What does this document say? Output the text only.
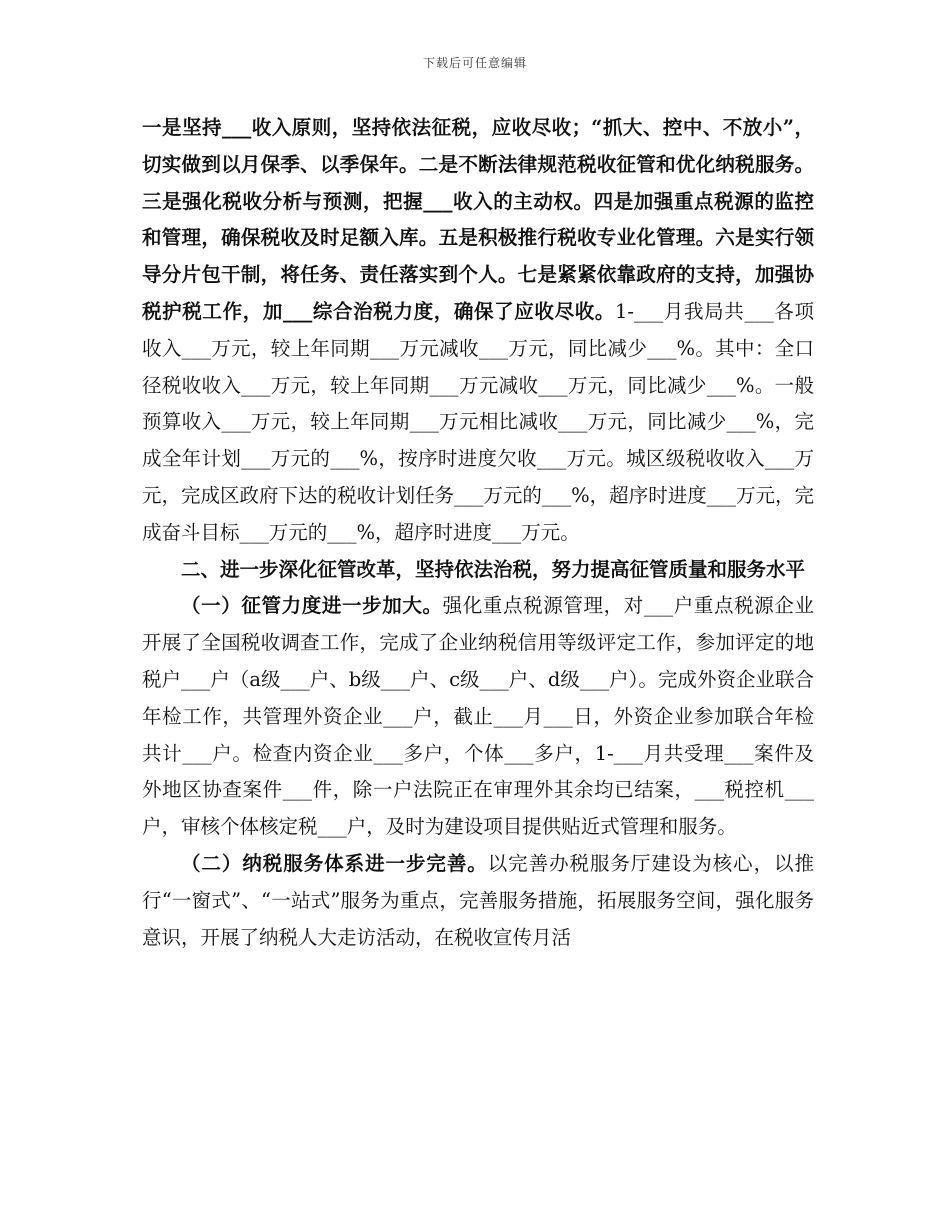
下载后可任意编辑

一是坚持___收入原则，坚持依法征税，应收尽收；“抓大、控中、不放小”，切实做到以月保季、以季保年。二是不断法律规范税收征管和优化纳税服务。三是强化税收分析与预测，把握___收入的主动权。四是加强重点税源的监控和管理，确保税收及时足额入库。五是积极推行税收专业化管理。六是实行领导分片包干制，将任务、责任落实到个人。七是紧紧依靠政府的支持，加强协税护税工作，加___综合治税力度，确保了应收尽收。1-___月我局共___各项收入___万元，较上年同期___万元减收___万元，同比减少___%。其中：全口径税收收入___万元，较上年同期___万元减收___万元，同比减少___%。一般预算收入___万元，较上年同期___万元相比减收___万元，同比减少___%，完成全年计划___万元的___%，按序时进度欠收___万元。城区级税收收入___万元，完成区政府下达的税收计划任务___万元的___%，超序时进度___万元，完成奋斗目标___万元的___%，超序时进度___万元。

二、进一步深化征管改革，坚持依法治税，努力提高征管质量和服务水平

（一）征管力度进一步加大。强化重点税源管理，对___户重点税源企业开展了全国税收调查工作，完成了企业纳税信用等级评定工作，参加评定的地税户___户（a级___户、b级___户、c级___户、d级___户）。完成外资企业联合年检工作，共管理外资企业___户，截止___月___日，外资企业参加联合年检共计___户。检查内资企业___多户，个体___多户，1-___月共受理___案件及外地区协查案件___件，除一户法院正在审理外其余均已结案，___税控机___户，审核个体核定税___户，及时为建设项目提供贴近式管理和服务。

（二）纳税服务体系进一步完善。以完善办税服务厅建设为核心，以推行“一窗式”、“一站式”服务为重点，完善服务措施，拓展服务空间，强化服务意识，开展了纳税人大走访活动，在税收宣传月活
